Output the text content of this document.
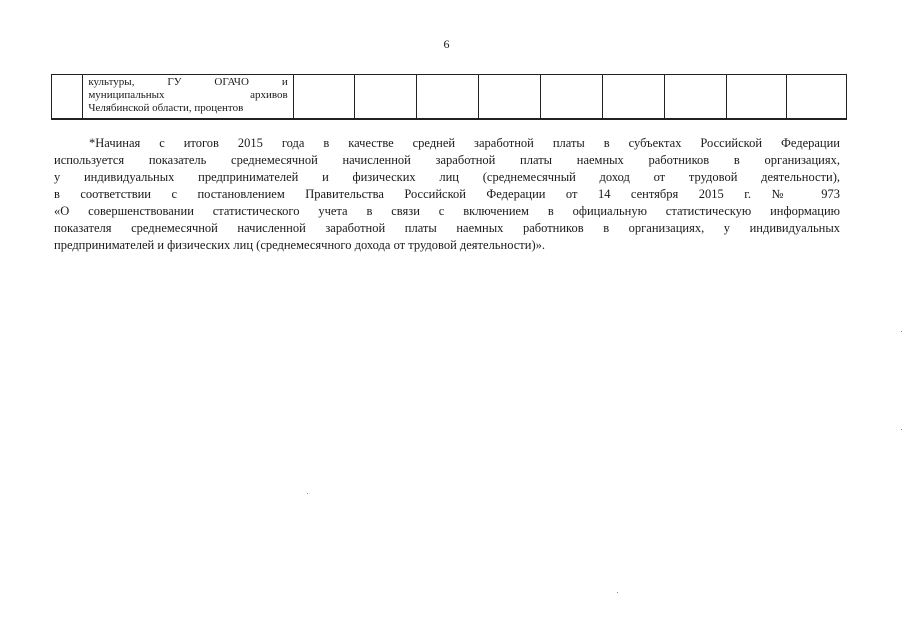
6

культуры, ГУ ОГАЧО и
муниципальных архивов
Челябинской области, процентов

*Начиная с итогов 2015 года в качестве средней заработной платы в субъектах Российской Федерации
используется показатель среднемесячной начисленной заработной платы наемных работников в организациях,
у индивидуальных предпринимателей и физических лиц (среднемесячный доход от трудовой деятельности),
в соответствии с постановлением Правительства Российской Федерации от 14 сентября 2015 г. № 973
«О совершенствовании статистического учета в связи с включением в официальную статистическую информацию
показателя среднемесячной начисленной заработной платы наемных работников в организациях, у индивидуальных
предпринимателей и физических лиц (среднемесячного дохода от трудовой деятельности)».
